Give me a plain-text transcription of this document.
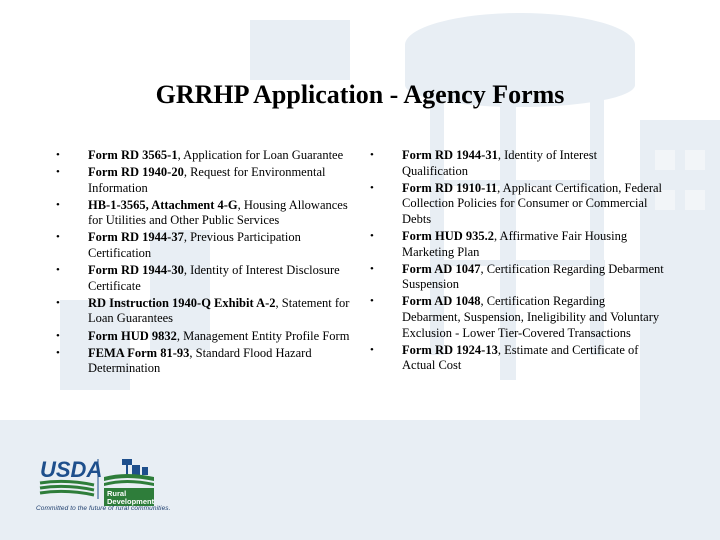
GRRHP Application - Agency Forms
• Form RD 3565-1, Application for Loan Guarantee
• Form RD 1940-20, Request for Environmental Information
• HB-1-3565, Attachment 4-G, Housing Allowances for Utilities and Other Public Services
• Form RD 1944-37, Previous Participation Certification
• Form RD 1944-30, Identity of Interest Disclosure Certificate
• RD Instruction 1940-Q Exhibit A-2, Statement for Loan Guarantees
• Form HUD 9832, Management Entity Profile Form
• FEMA Form 81-93, Standard Flood Hazard Determination
• Form RD 1944-31, Identity of Interest Qualification
• Form RD 1910-11, Applicant Certification, Federal Collection Policies for Consumer or Commercial Debts
• Form HUD 935.2, Affirmative Fair Housing Marketing Plan
• Form AD 1047, Certification Regarding Debarment Suspension
• Form AD 1048, Certification Regarding Debarment, Suspension, Ineligibility and Voluntary Exclusion - Lower Tier-Covered Transactions
• Form RD 1924-13, Estimate and Certificate of Actual Cost
USDA
Rural
Development
Committed to the future of rural communities.
